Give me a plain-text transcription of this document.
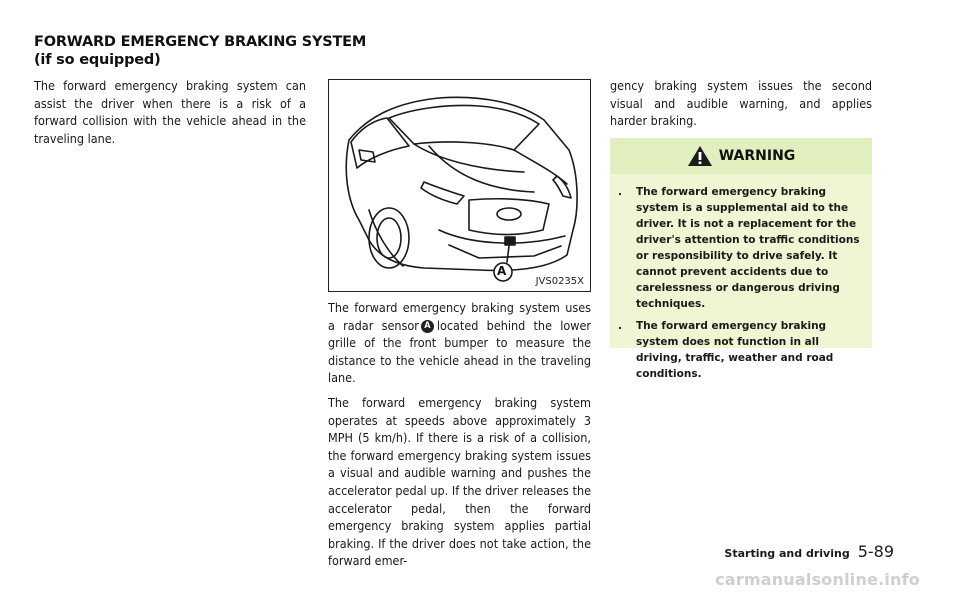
FORWARD EMERGENCY BRAKING SYSTEM
(if so equipped)

The forward emergency braking system can assist the driver when there is a risk of a forward collision with the vehicle ahead in the traveling lane.

A
JVS0235X

The forward emergency braking system uses a radar sensor A located behind the lower grille of the front bumper to measure the distance to the vehicle ahead in the traveling lane.

The forward emergency braking system operates at speeds above approximately 3 MPH (5 km/h). If there is a risk of a collision, the forward emergency braking system issues a visual and audible warning and pushes the accelerator pedal up. If the driver releases the accelerator pedal, then the forward emergency braking system applies partial braking. If the driver does not take action, the forward emer-

gency braking system issues the second visual and audible warning, and applies harder braking.

WARNING
.	The forward emergency braking system is a supplemental aid to the driver. It is not a replacement for the driver's attention to traffic conditions or responsibility to drive safely. It cannot prevent accidents due to carelessness or dangerous driving techniques.
.	The forward emergency braking system does not function in all driving, traffic, weather and road conditions.
Starting and driving 5-89
carmanualsonline.info
